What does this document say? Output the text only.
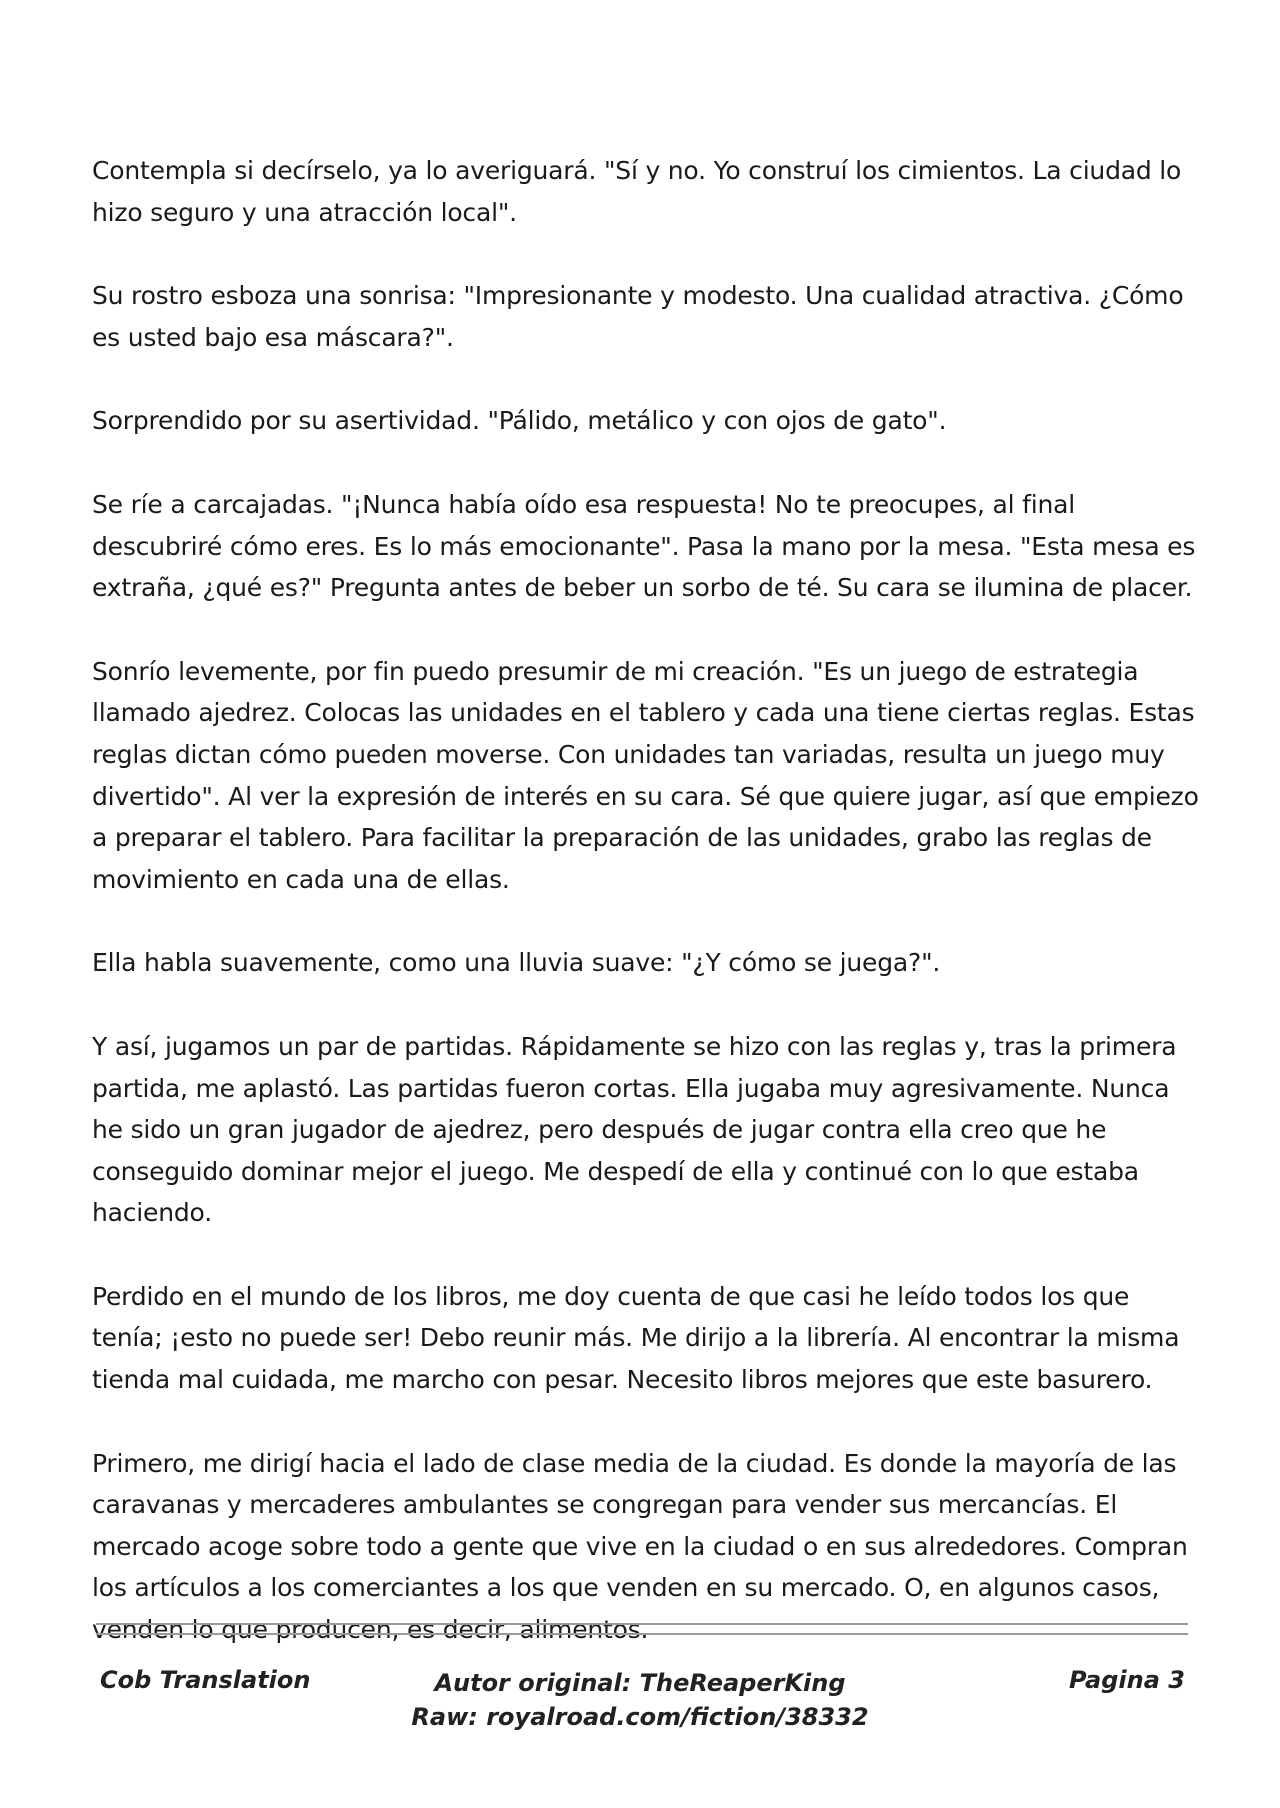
Contempla si decírselo, ya lo averiguará. "Sí y no. Yo construí los cimientos. La ciudad lo hizo seguro y una atracción local".

Su rostro esboza una sonrisa: "Impresionante y modesto. Una cualidad atractiva. ¿Cómo es usted bajo esa máscara?".

Sorprendido por su asertividad. "Pálido, metálico y con ojos de gato".

Se ríe a carcajadas. "¡Nunca había oído esa respuesta! No te preocupes, al final descubriré cómo eres. Es lo más emocionante". Pasa la mano por la mesa. "Esta mesa es extraña, ¿qué es?" Pregunta antes de beber un sorbo de té. Su cara se ilumina de placer.

Sonrío levemente, por fin puedo presumir de mi creación. "Es un juego de estrategia llamado ajedrez. Colocas las unidades en el tablero y cada una tiene ciertas reglas. Estas reglas dictan cómo pueden moverse. Con unidades tan variadas, resulta un juego muy divertido". Al ver la expresión de interés en su cara. Sé que quiere jugar, así que empiezo a preparar el tablero. Para facilitar la preparación de las unidades, grabo las reglas de movimiento en cada una de ellas.

Ella habla suavemente, como una lluvia suave: "¿Y cómo se juega?".

Y así, jugamos un par de partidas. Rápidamente se hizo con las reglas y, tras la primera partida, me aplastó. Las partidas fueron cortas. Ella jugaba muy agresivamente. Nunca he sido un gran jugador de ajedrez, pero después de jugar contra ella creo que he conseguido dominar mejor el juego. Me despedí de ella y continué con lo que estaba haciendo.

Perdido en el mundo de los libros, me doy cuenta de que casi he leído todos los que tenía; ¡esto no puede ser! Debo reunir más. Me dirijo a la librería. Al encontrar la misma tienda mal cuidada, me marcho con pesar. Necesito libros mejores que este basurero.

Primero, me dirigí hacia el lado de clase media de la ciudad. Es donde la mayoría de las caravanas y mercaderes ambulantes se congregan para vender sus mercancías. El mercado acoge sobre todo a gente que vive en la ciudad o en sus alrededores. Compran los artículos a los comerciantes a los que venden en su mercado. O, en algunos casos, venden lo que producen, es decir, alimentos.

Cob Translation	Autor original: TheReaperKing
Raw: royalroad.com/fiction/38332
Pagina 3
